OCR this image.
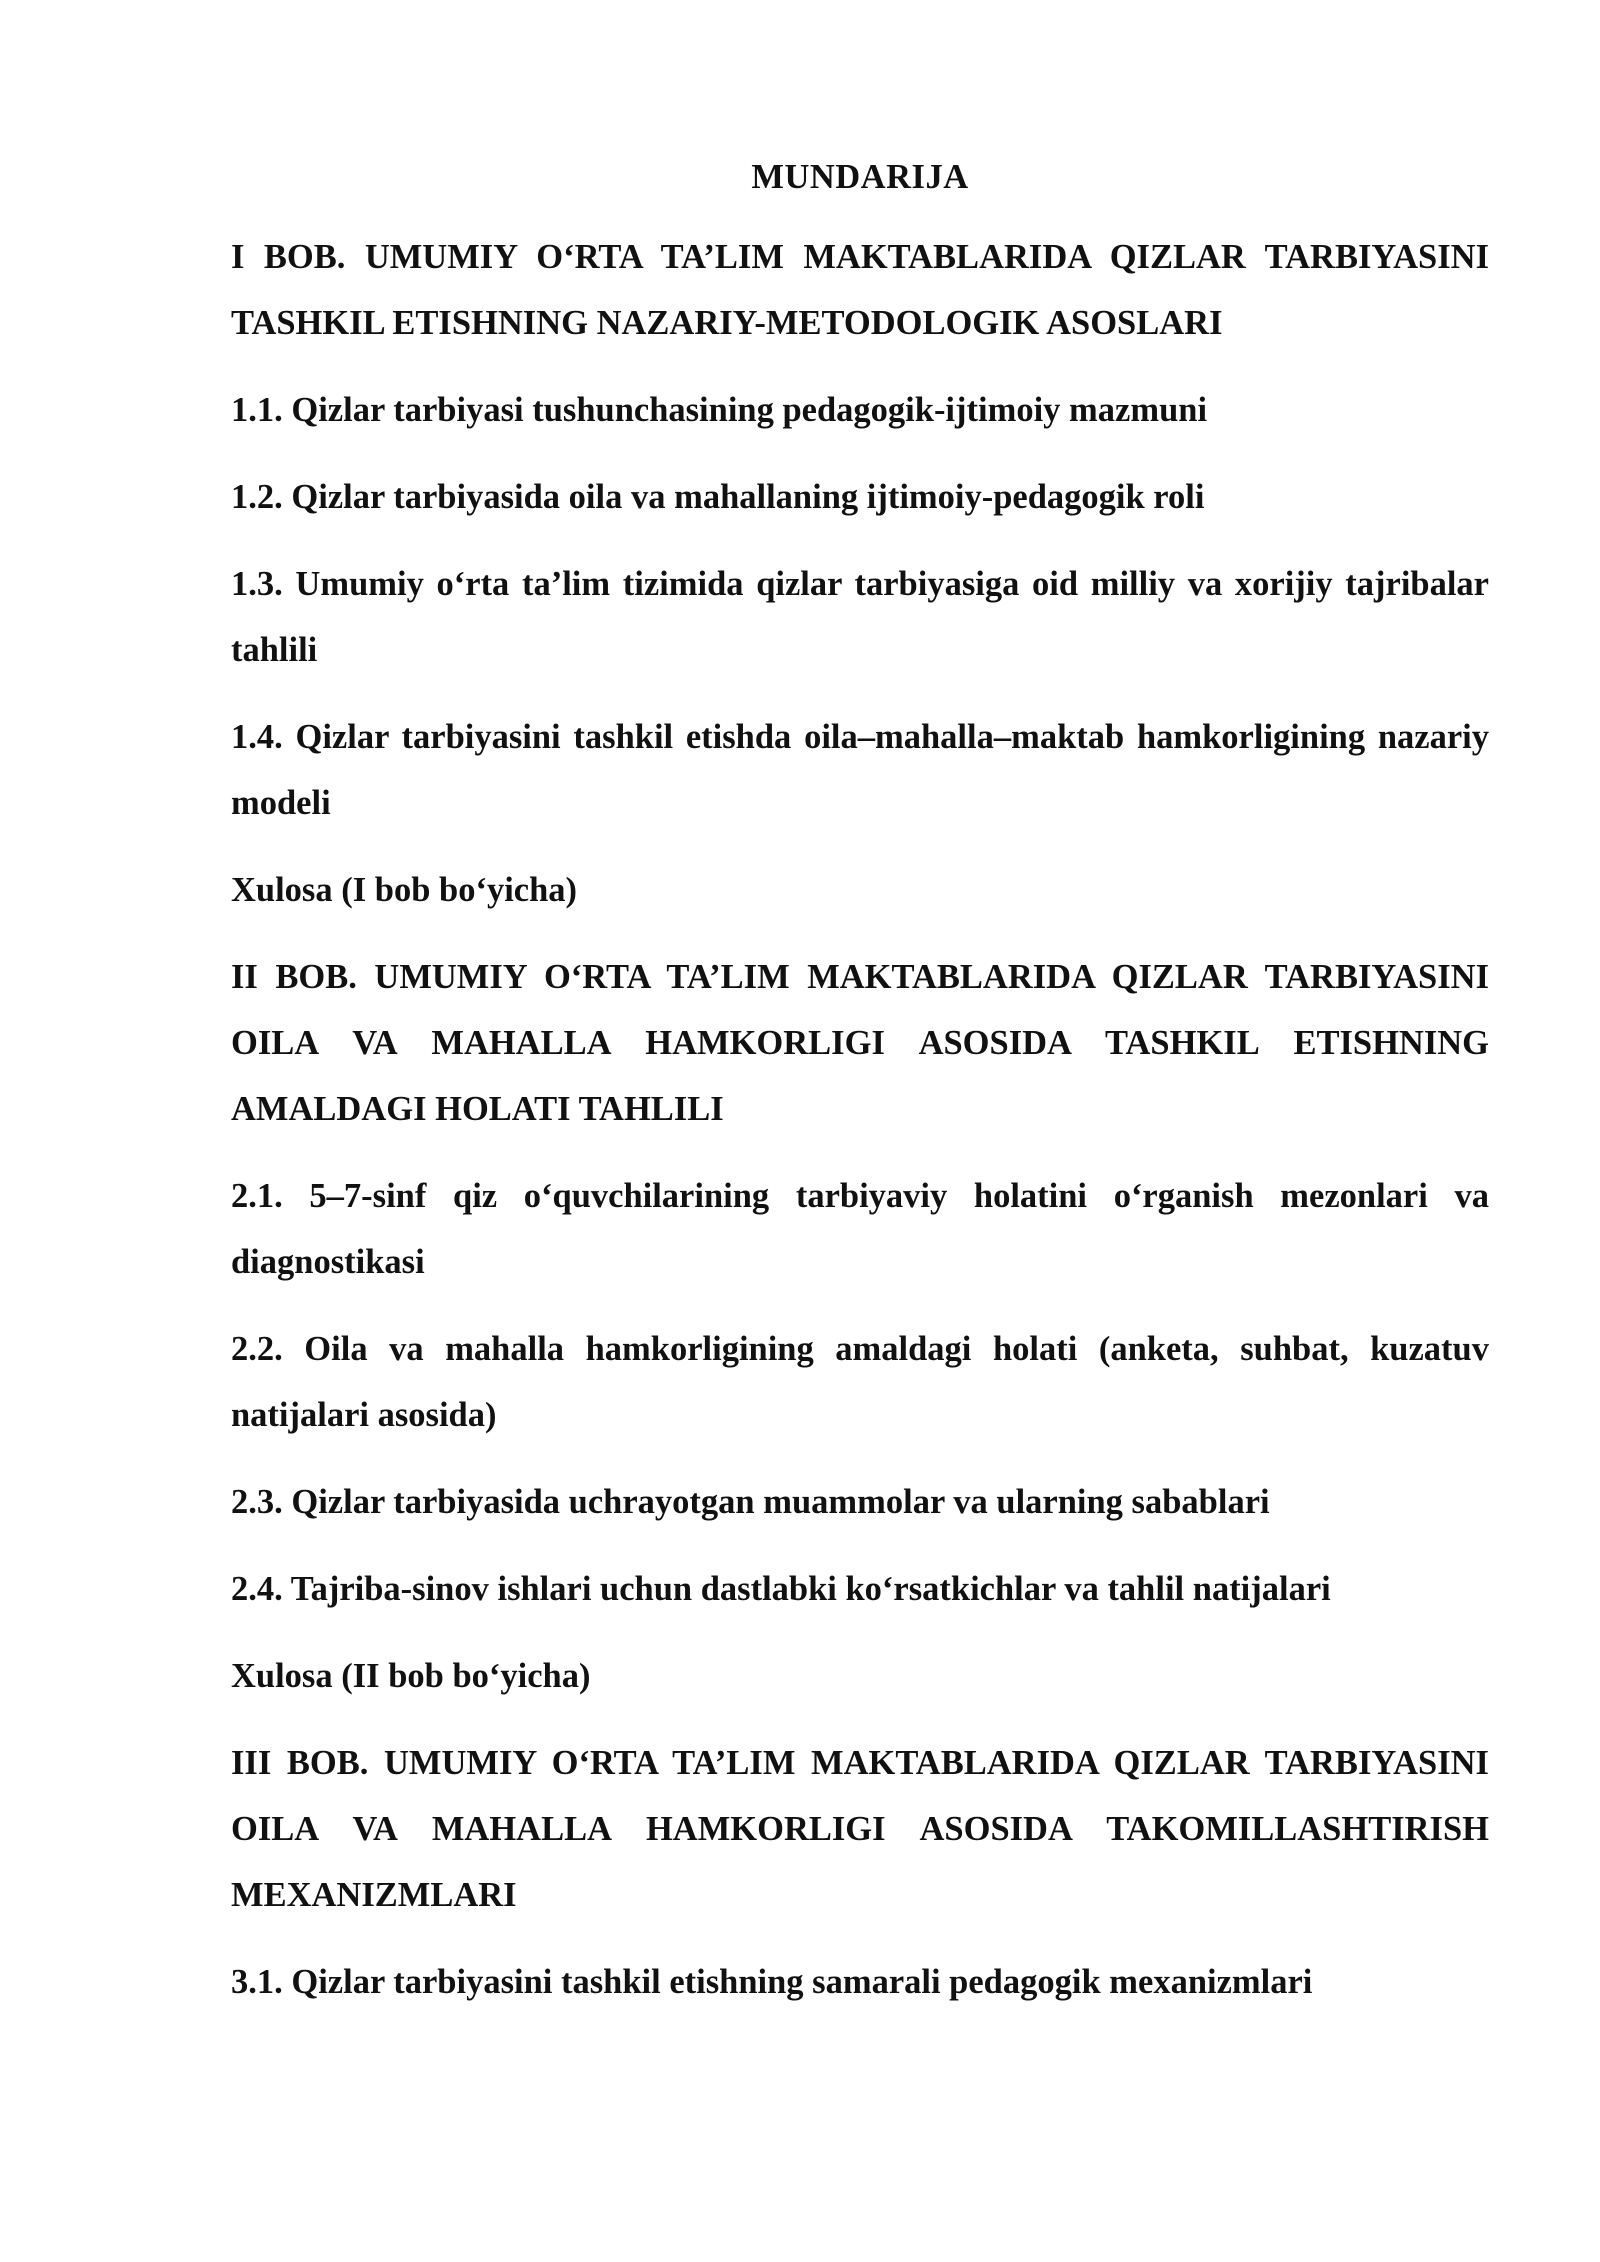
MUNDARIJA

I BOB. UMUMIY O‘RTA TA’LIM MAKTABLARIDA QIZLAR TARBIYASINI TASHKIL ETISHNING NAZARIY-METODOLOGIK ASOSLARI

1.1. Qizlar tarbiyasi tushunchasining pedagogik-ijtimoiy mazmuni

1.2. Qizlar tarbiyasida oila va mahallaning ijtimoiy-pedagogik roli

1.3. Umumiy o‘rta ta’lim tizimida qizlar tarbiyasiga oid milliy va xorijiy tajribalar tahlili

1.4. Qizlar tarbiyasini tashkil etishda oila–mahalla–maktab hamkorligining nazariy modeli

Xulosa (I bob bo‘yicha)

II BOB. UMUMIY O‘RTA TA’LIM MAKTABLARIDA QIZLAR TARBIYASINI OILA VA MAHALLA HAMKORLIGI ASOSIDA TASHKIL ETISHNING AMALDAGI HOLATI TAHLILI

2.1. 5–7-sinf qiz o‘quvchilarining tarbiyaviy holatini o‘rganish mezonlari va diagnostikasi

2.2. Oila va mahalla hamkorligining amaldagi holati (anketa, suhbat, kuzatuv natijalari asosida)

2.3. Qizlar tarbiyasida uchrayotgan muammolar va ularning sabablari

2.4. Tajriba-sinov ishlari uchun dastlabki ko‘rsatkichlar va tahlil natijalari

Xulosa (II bob bo‘yicha)

III BOB. UMUMIY O‘RTA TA’LIM MAKTABLARIDA QIZLAR TARBIYASINI OILA VA MAHALLA HAMKORLIGI ASOSIDA TAKOMILLASHTIRISH MEXANIZMLARI

3.1. Qizlar tarbiyasini tashkil etishning samarali pedagogik mexanizmlari
